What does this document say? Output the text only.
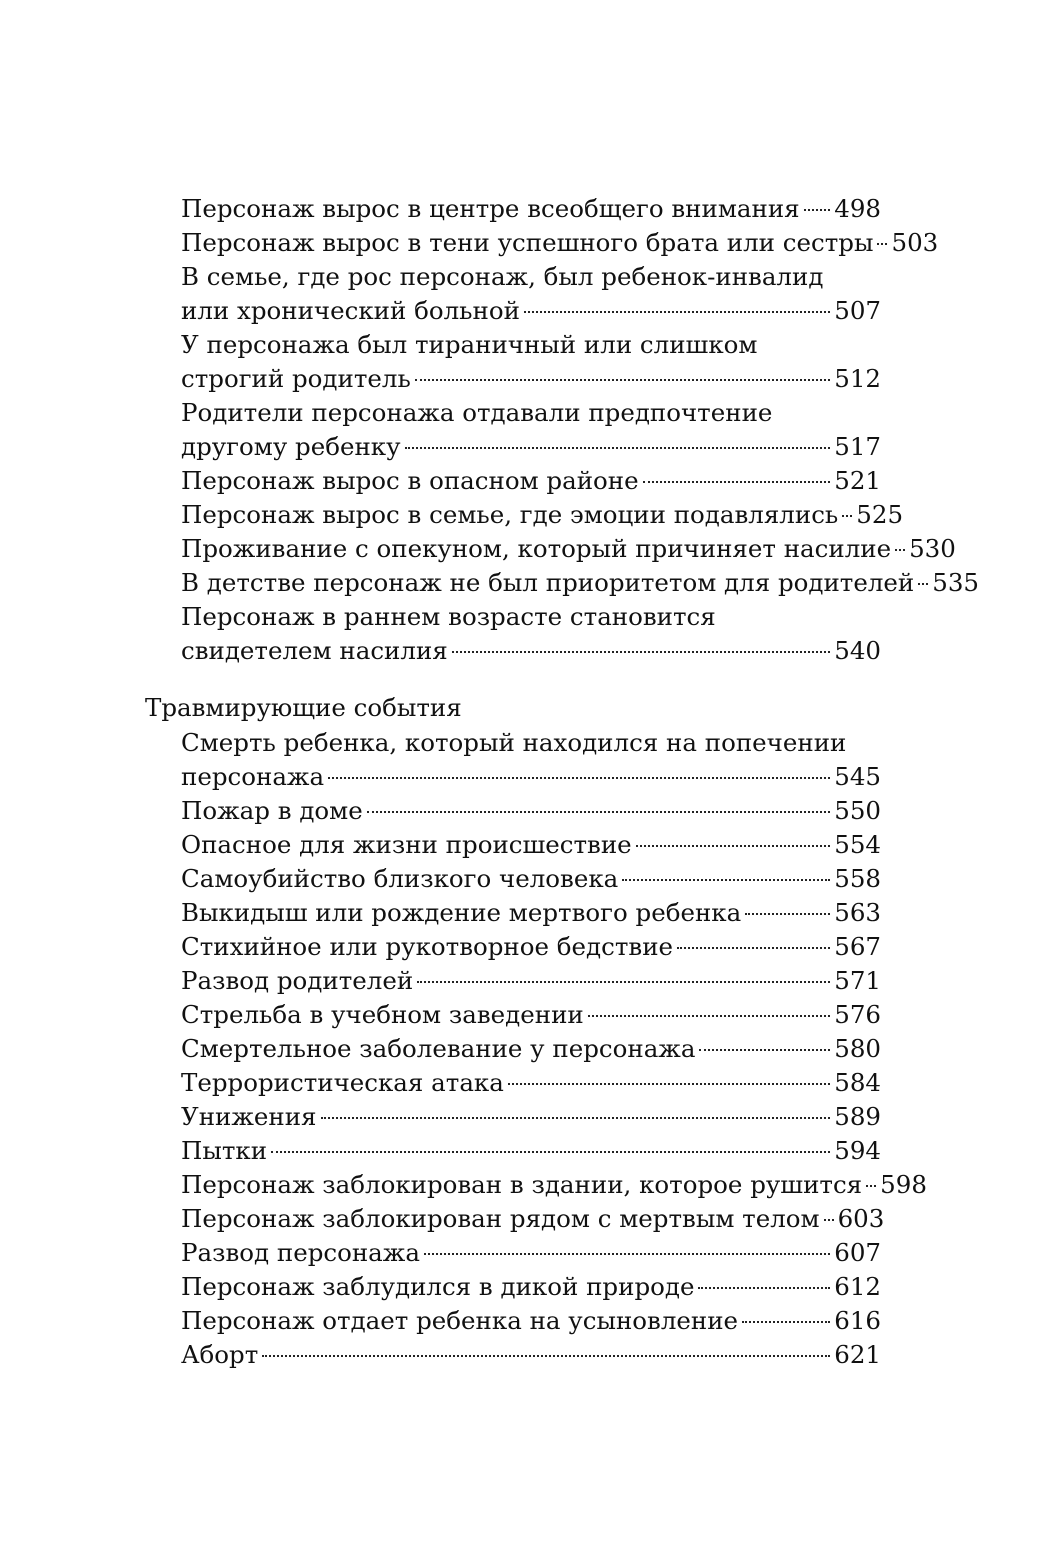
Персонаж вырос в центре всеобщего внимания 498
Персонаж вырос в тени успешного брата или сестры 503
В семье, где рос персонаж, был ребенок-инвалид
или хронический больной	507
У персонажа был тираничный или слишком
строгий родитель	512
Родители персонажа отдавали предпочтение
другому ребенку	517
Персонаж вырос в опасном районе	521
Персонаж вырос в семье, где эмоции подавлялись 525
Проживание с опекуном, который причиняет насилие 530
В детстве персонаж не был приоритетом для родителей 535
Персонаж в раннем возрасте становится
свидетелем насилия	540
Травмирующие события
Смерть ребенка, который находился на попечении
персонажа	545
Пожар в доме	550
Опасное для жизни происшествие	554
Самоубийство близкого человека	558
Выкидыш или рождение мертвого ребенка	563
Стихийное или рукотворное бедствие	567
Развод родителей	571
Стрельба в учебном заведении	576
Смертельное заболевание у персонажа	580
Террористическая атака	584
Унижения	589
Пытки	594
Персонаж заблокирован в здании, которое рушится 598
Персонаж заблокирован рядом с мертвым телом 603
Развод персонажа	607
Персонаж заблудился в дикой природе	612
Персонаж отдает ребенка на усыновление	616
Аборт	621
